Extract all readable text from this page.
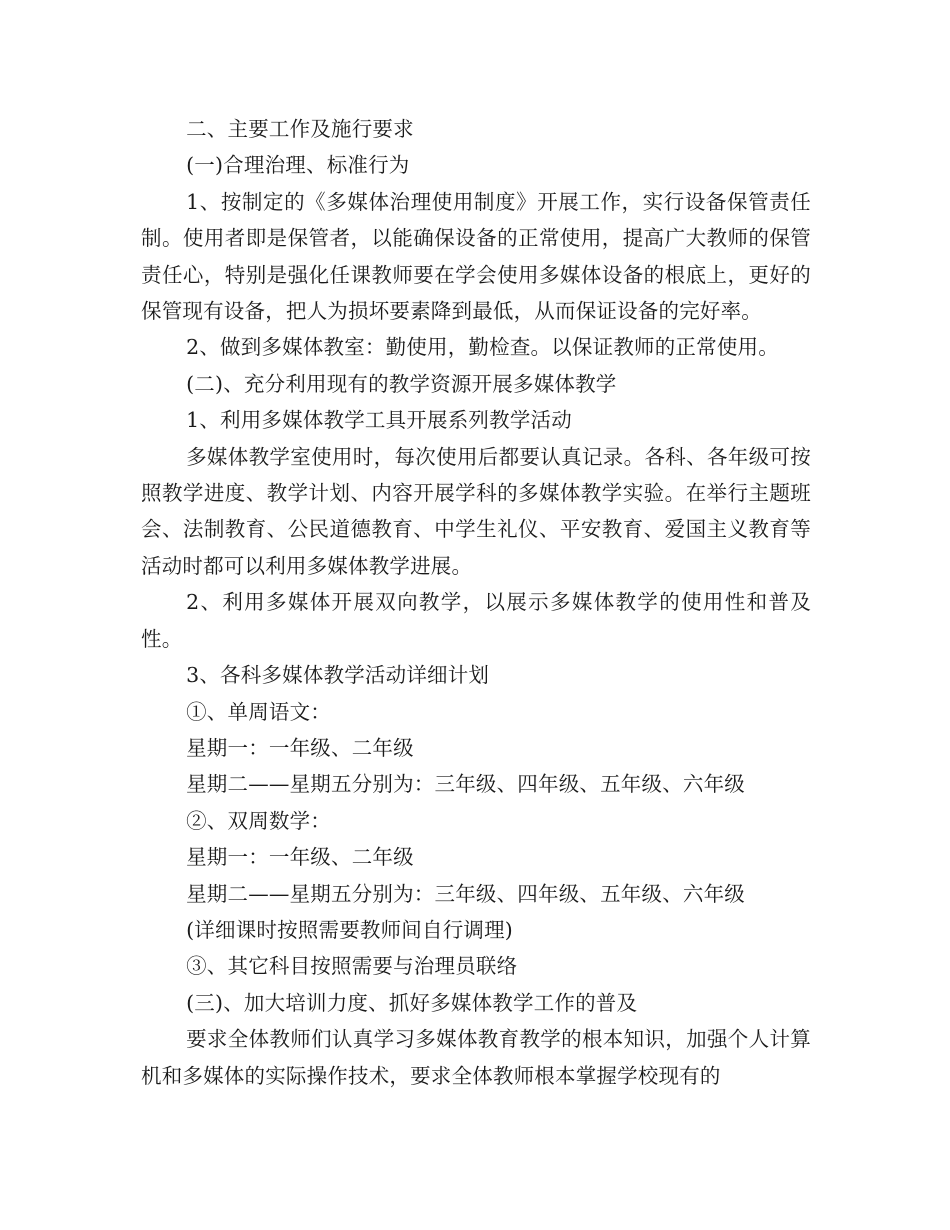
二、主要工作及施行要求

(一)合理治理、标准行为

1、按制定的《多媒体治理使用制度》开展工作，实行设备保管责任制。使用者即是保管者，以能确保设备的正常使用，提高广大教师的保管责任心，特别是强化任课教师要在学会使用多媒体设备的根底上，更好的保管现有设备，把人为损坏要素降到最低，从而保证设备的完好率。

2、做到多媒体教室：勤使用，勤检查。以保证教师的正常使用。

(二)、充分利用现有的教学资源开展多媒体教学

1、利用多媒体教学工具开展系列教学活动

多媒体教学室使用时，每次使用后都要认真记录。各科、各年级可按照教学进度、教学计划、内容开展学科的多媒体教学实验。在举行主题班会、法制教育、公民道德教育、中学生礼仪、平安教育、爱国主义教育等活动时都可以利用多媒体教学进展。

2、利用多媒体开展双向教学，以展示多媒体教学的使用性和普及性。

3、各科多媒体教学活动详细计划

①、单周语文：

星期一：一年级、二年级

星期二——星期五分别为：三年级、四年级、五年级、六年级

②、双周数学：

星期一：一年级、二年级

星期二——星期五分别为：三年级、四年级、五年级、六年级

(详细课时按照需要教师间自行调理)

③、其它科目按照需要与治理员联络

(三)、加大培训力度、抓好多媒体教学工作的普及

要求全体教师们认真学习多媒体教育教学的根本知识，加强个人计算机和多媒体的实际操作技术，要求全体教师根本掌握学校现有的
